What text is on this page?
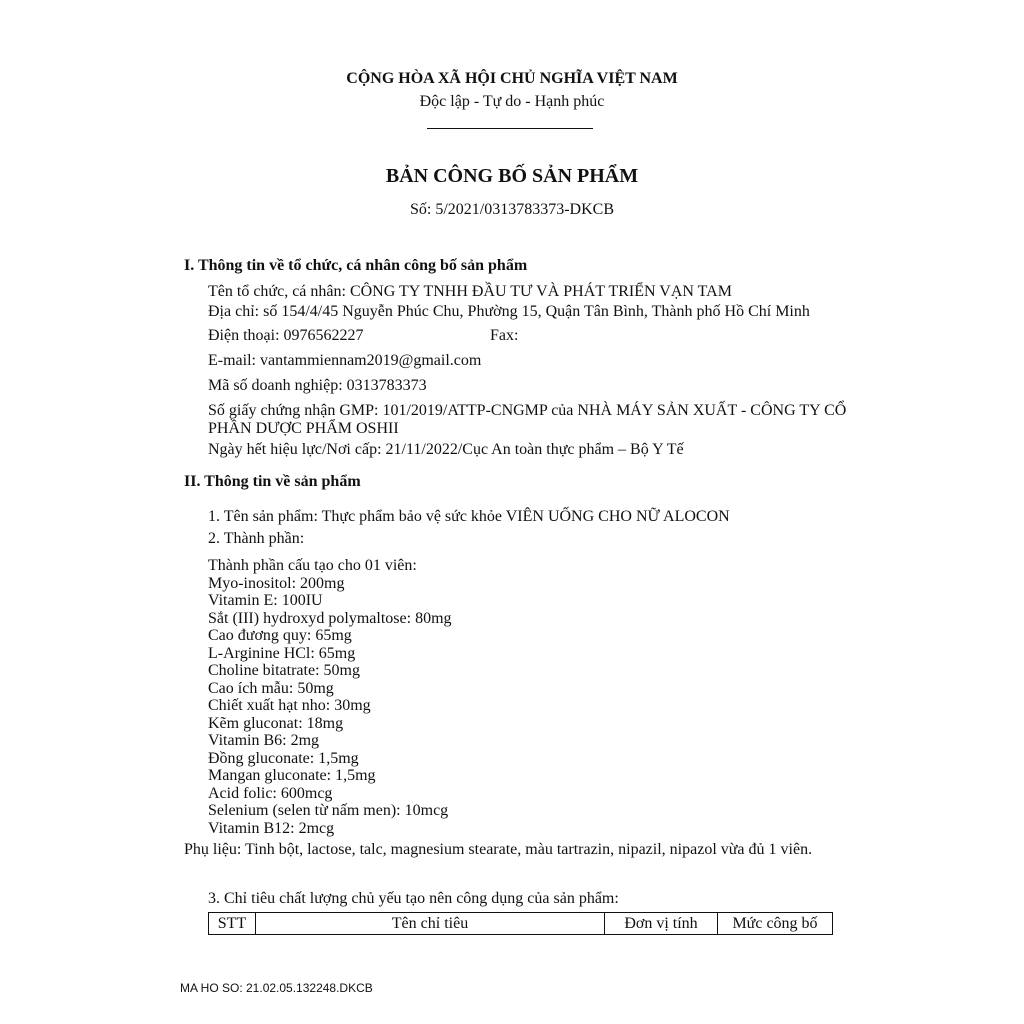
CỘNG HÒA XÃ HỘI CHỦ NGHĨA VIỆT NAM
Độc lập - Tự do - Hạnh phúc
BẢN CÔNG BỐ SẢN PHẨM
Số: 5/2021/0313783373-DKCB
I. Thông tin về tổ chức, cá nhân công bố sản phẩm
Tên tổ chức, cá nhân: CÔNG TY TNHH ĐẦU TƯ VÀ PHÁT TRIỂN VẠN TAM
Địa chỉ: số 154/4/45 Nguyễn Phúc Chu, Phường 15, Quận Tân Bình, Thành phố Hồ Chí Minh
Điện thoại: 0976562227	Fax:
E-mail: vantammiennam2019@gmail.com
Mã số doanh nghiệp: 0313783373
Số giấy chứng nhận GMP: 101/2019/ATTP-CNGMP của NHÀ MÁY SẢN XUẤT - CÔNG TY CỔ PHẦN DƯỢC PHẨM OSHII
Ngày hết hiệu lực/Nơi cấp: 21/11/2022/Cục An toàn thực phẩm – Bộ Y Tế
II. Thông tin về sản phẩm
1. Tên sản phẩm: Thực phẩm bảo vệ sức khỏe VIÊN UỐNG CHO NỮ ALOCON
2. Thành phần:
Thành phần cấu tạo cho 01 viên:
Myo-inositol: 200mg
Vitamin E: 100IU
Sắt (III) hydroxyd polymaltose: 80mg
Cao đương quy: 65mg
L-Arginine HCl: 65mg
Choline bitatrate: 50mg
Cao ích mẫu: 50mg
Chiết xuất hạt nho: 30mg
Kẽm gluconat: 18mg
Vitamin B6: 2mg
Đồng gluconate: 1,5mg
Mangan gluconate: 1,5mg
Acid folic: 600mcg
Selenium (selen từ nấm men): 10mcg
Vitamin B12: 2mcg
Phụ liệu: Tinh bột, lactose, talc, magnesium stearate, màu tartrazin, nipazil, nipazol vừa đủ 1 viên.
3. Chỉ tiêu chất lượng chủ yếu tạo nên công dụng của sản phẩm:
STT	Tên chỉ tiêu	Đơn vị tính	Mức công bố
MA HO SO: 21.02.05.132248.DKCB
